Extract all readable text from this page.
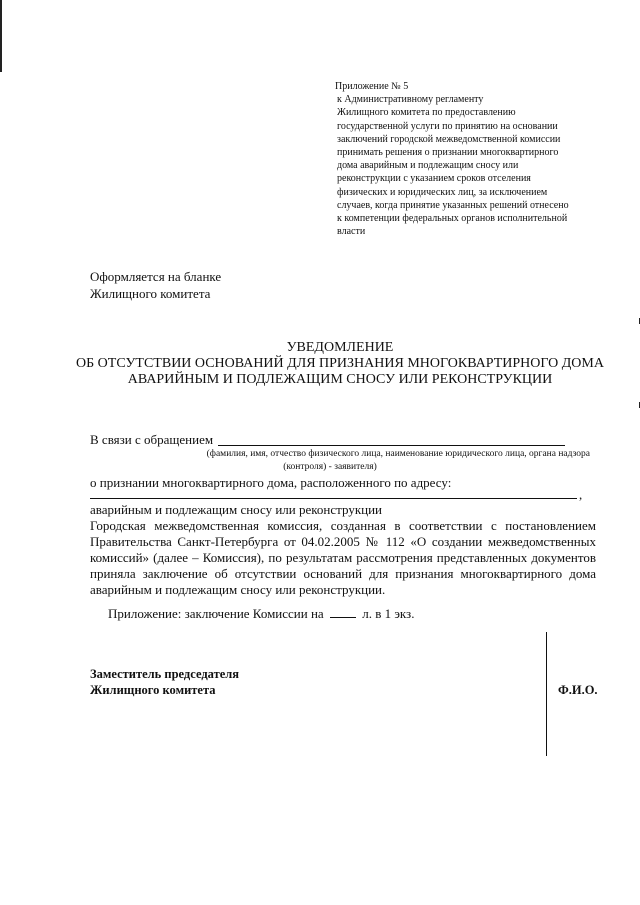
Приложение № 5
к Административному регламенту
Жилищного комитета по предоставлению
государственной услуги по принятию на основании
заключений городской межведомственной комиссии
принимать решения о признании многоквартирного
дома аварийным и подлежащим сносу или
реконструкции с указанием сроков отселения
физических и юридических лиц, за исключением
случаев, когда принятие указанных решений отнесено
к компетенции федеральных органов исполнительной
власти
Оформляется на бланке
Жилищного комитета
УВЕДОМЛЕНИЕ
ОБ ОТСУТСТВИИ ОСНОВАНИЙ ДЛЯ ПРИЗНАНИЯ МНОГОКВАРТИРНОГО ДОМА
АВАРИЙНЫМ И ПОДЛЕЖАЩИМ СНОСУ ИЛИ РЕКОНСТРУКЦИИ
В связи с обращением
(фамилия, имя, отчество физического лица, наименование юридического лица, органа надзора
(контроля) - заявителя)
о признании многоквартирного дома, расположенного по адресу:
,
аварийным и подлежащим сносу или реконструкции
Городская межведомственная комиссия, созданная в соответствии с постановлением
Правительства Санкт-Петербурга от 04.02.2005 № 112 «О создании межведомственных
комиссий» (далее – Комиссия), по результатам рассмотрения представленных документов
приняла заключение об отсутствии оснований для признания многоквартирного дома
аварийным и подлежащим сносу или реконструкции.
Приложение: заключение Комиссии на	л. в 1 экз.
Заместитель председателя
Жилищного комитета	Ф.И.О.
